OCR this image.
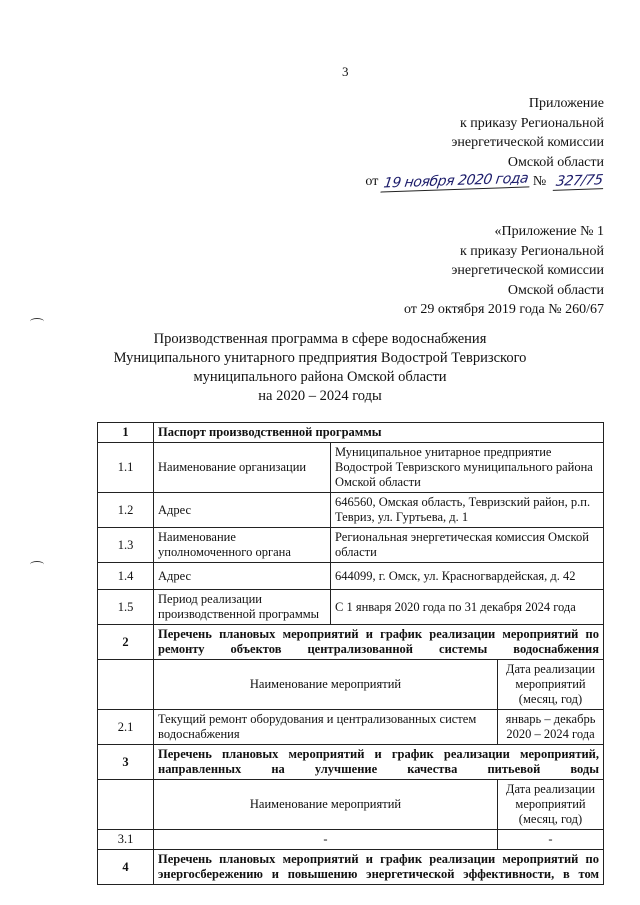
3
Приложение
к приказу Региональной
энергетической комиссии
Омской области
от 19 ноября 2020 года № 327/75
«Приложение № 1
к приказу Региональной
энергетической комиссии
Омской области
от 29 октября 2019 года № 260/67
Производственная программа в сфере водоснабжения
Муниципального унитарного предприятия Водострой Тевризского
муниципального района Омской области
на 2020 – 2024 годы
1	Паспорт производственной программы		
1.1	Наименование организации	Муниципальное унитарное предприятие Водострой Тевризского муниципального района Омской области	
1.2	Адрес	646560, Омская область, Тевризский район, р.п. Тевриз, ул. Гуртьева, д. 1	
1.3	Наименование уполномоченного органа	Региональная энергетическая комиссия Омской области	
1.4	Адрес	644099, г. Омск, ул. Красногвардейская, д. 42	
1.5	Период реализации производственной программы	С 1 января 2020 года по 31 декабря 2024 года	
2	Перечень плановых мероприятий и график реализации мероприятий по ремонту объектов централизованной системы водоснабжения		
	Наименование мероприятий		Дата реализации мероприятий (месяц, год)
2.1	Текущий ремонт оборудования и централизованных систем водоснабжения		январь – декабрь 2020 – 2024 года
3	Перечень плановых мероприятий и график реализации мероприятий, направленных на улучшение качества питьевой воды		
	Наименование мероприятий		Дата реализации мероприятий (месяц, год)
3.1	-		-
4	Перечень плановых мероприятий и график реализации мероприятий по энергосбережению и повышению энергетической эффективности, в том		
